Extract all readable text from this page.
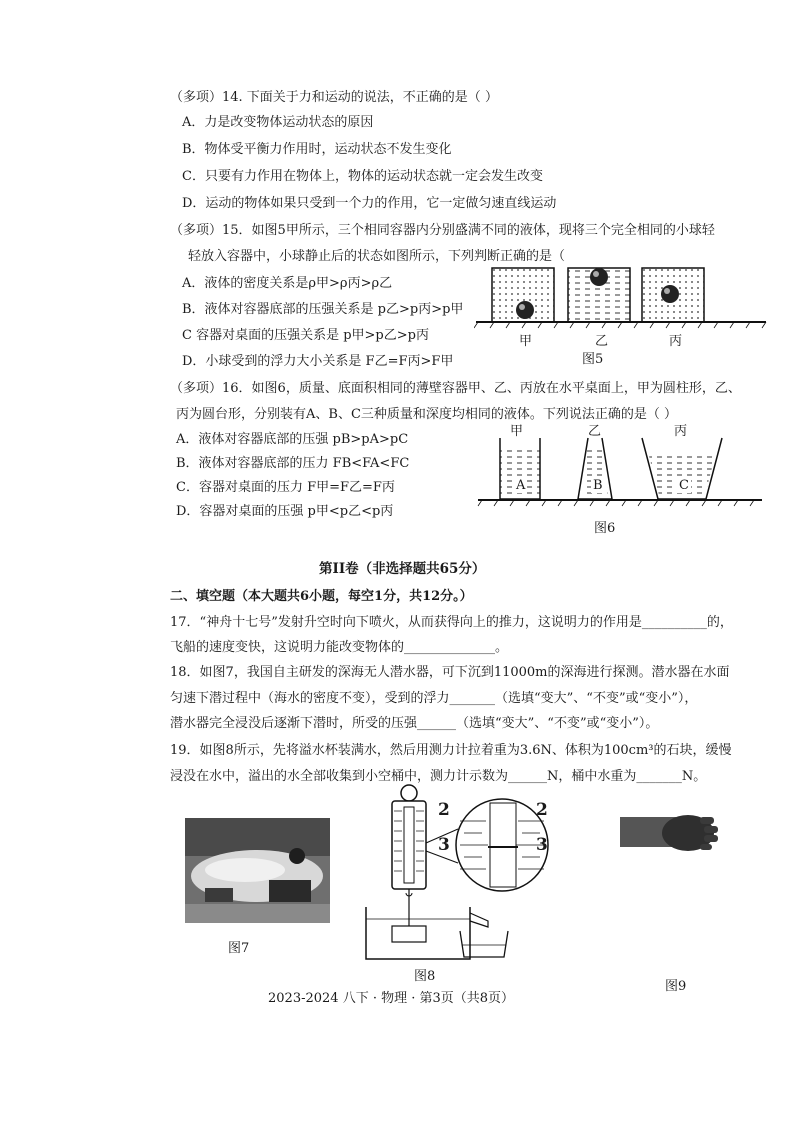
（多项）14. 下面关于力和运动的说法，不正确的是（ ）
A．力是改变物体运动状态的原因
B．物体受平衡力作用时，运动状态不发生变化
C．只要有力作用在物体上，物体的运动状态就一定会发生改变
D．运动的物体如果只受到一个力的作用，它一定做匀速直线运动
（多项）15．如图5甲所示，三个相同容器内分别盛满不同的液体，现将三个完全相同的小球轻
轻放入容器中，小球静止后的状态如图所示，下列判断正确的是（
A．液体的密度关系是ρ甲>ρ丙>ρ乙
B．液体对容器底部的压强关系是 p乙>p丙>p甲
C 容器对桌面的压强关系是 p甲>p乙>p丙
D．小球受到的浮力大小关系是 F乙=F丙>F甲
甲	乙	丙
图5
（多项）16．如图6，质量、底面积相同的薄壁容器甲、乙、丙放在水平桌面上，甲为圆柱形，乙、
丙为圆台形，分别装有A、B、C三种质量和深度均相同的液体。下列说法正确的是（ ）
A．液体对容器底部的压强 pB>pA>pC
B．液体对容器底部的压力 FB<FA<FC
C．容器对桌面的压力 F甲=F乙=F丙
D．容器对桌面的压强 p甲<p乙<p丙
甲	乙	丙
A	B	C
图6
第II卷（非选择题共65分）
二、填空题（本大题共6小题，每空1分，共12分。）
17．“神舟十七号”发射升空时向下喷火，从而获得向上的推力，这说明力的作用是__________的，
飞船的速度变快，这说明力能改变物体的______________。
18．如图7，我国自主研发的深海无人潜水器，可下沉到11000m的深海进行探测。潜水器在水面
匀速下潜过程中（海水的密度不变），受到的浮力_______（选填“变大”、“不变”或“变小”），
潜水器完全浸没后逐渐下潜时，所受的压强______（选填“变大”、“不变”或“变小”）。
19．如图8所示，先将溢水杯装满水，然后用测力计拉着重为3.6N、体积为100cm³的石块，缓慢
浸没在水中，溢出的水全部收集到小空桶中，测力计示数为______N，桶中水重为_______N。
图7
2	2
3	3
图8
图9
2023-2024 八下 · 物理 · 第3页（共8页）
